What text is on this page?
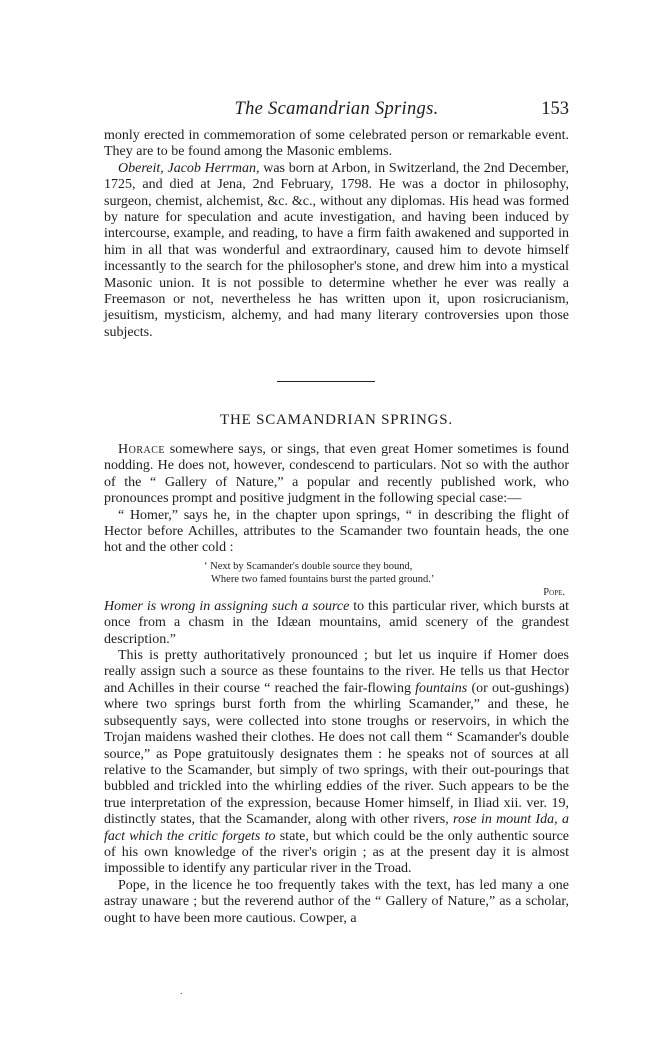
The Scamandrian Springs.	153

monly erected in commemoration of some celebrated person or remarkable event. They are to be found among the Masonic emblems.

Obereit, Jacob Herrman, was born at Arbon, in Switzerland, the 2nd December, 1725, and died at Jena, 2nd February, 1798. He was a doctor in philosophy, surgeon, chemist, alchemist, &c. &c., without any diplomas. His head was formed by nature for speculation and acute investigation, and having been induced by intercourse, example, and reading, to have a firm faith awakened and supported in him in all that was wonderful and extraordinary, caused him to devote himself incessantly to the search for the philosopher's stone, and drew him into a mystical Masonic union. It is not possible to determine whether he ever was really a Freemason or not, nevertheless he has written upon it, upon rosicrucianism, jesuitism, mysticism, alchemy, and had many literary controversies upon those subjects.

THE SCAMANDRIAN SPRINGS.

Horace somewhere says, or sings, that even great Homer sometimes is found nodding. He does not, however, condescend to particulars. Not so with the author of the “ Gallery of Nature,” a popular and recently published work, who pronounces prompt and positive judgment in the following special case:—

“ Homer,” says he, in the chapter upon springs, “ in describing the flight of Hector before Achilles, attributes to the Scamander two fountain heads, the one hot and the other cold :

‘ Next by Scamander's double source they bound,
Where two famed fountains burst the parted ground.’
Pope.

Homer is wrong in assigning such a source to this particular river, which bursts at once from a chasm in the Idæan mountains, amid scenery of the grandest description.”

This is pretty authoritatively pronounced ; but let us inquire if Homer does really assign such a source as these fountains to the river. He tells us that Hector and Achilles in their course “ reached the fair-flowing fountains (or out-gushings) where two springs burst forth from the whirling Scamander,” and these, he subsequently says, were collected into stone troughs or reservoirs, in which the Trojan maidens washed their clothes. He does not call them “ Scamander's double source,” as Pope gratuitously designates them : he speaks not of sources at all relative to the Scamander, but simply of two springs, with their out-pourings that bubbled and trickled into the whirling eddies of the river. Such appears to be the true interpretation of the expression, because Homer himself, in Iliad xii. ver. 19, distinctly states, that the Scamander, along with other rivers, rose in mount Ida, a fact which the critic forgets to state, but which could be the only authentic source of his own knowledge of the river's origin ; as at the present day it is almost impossible to identify any particular river in the Troad.

Pope, in the licence he too frequently takes with the text, has led many a one astray unaware ; but the reverend author of the “ Gallery of Nature,” as a scholar, ought to have been more cautious. Cowper, a

.
